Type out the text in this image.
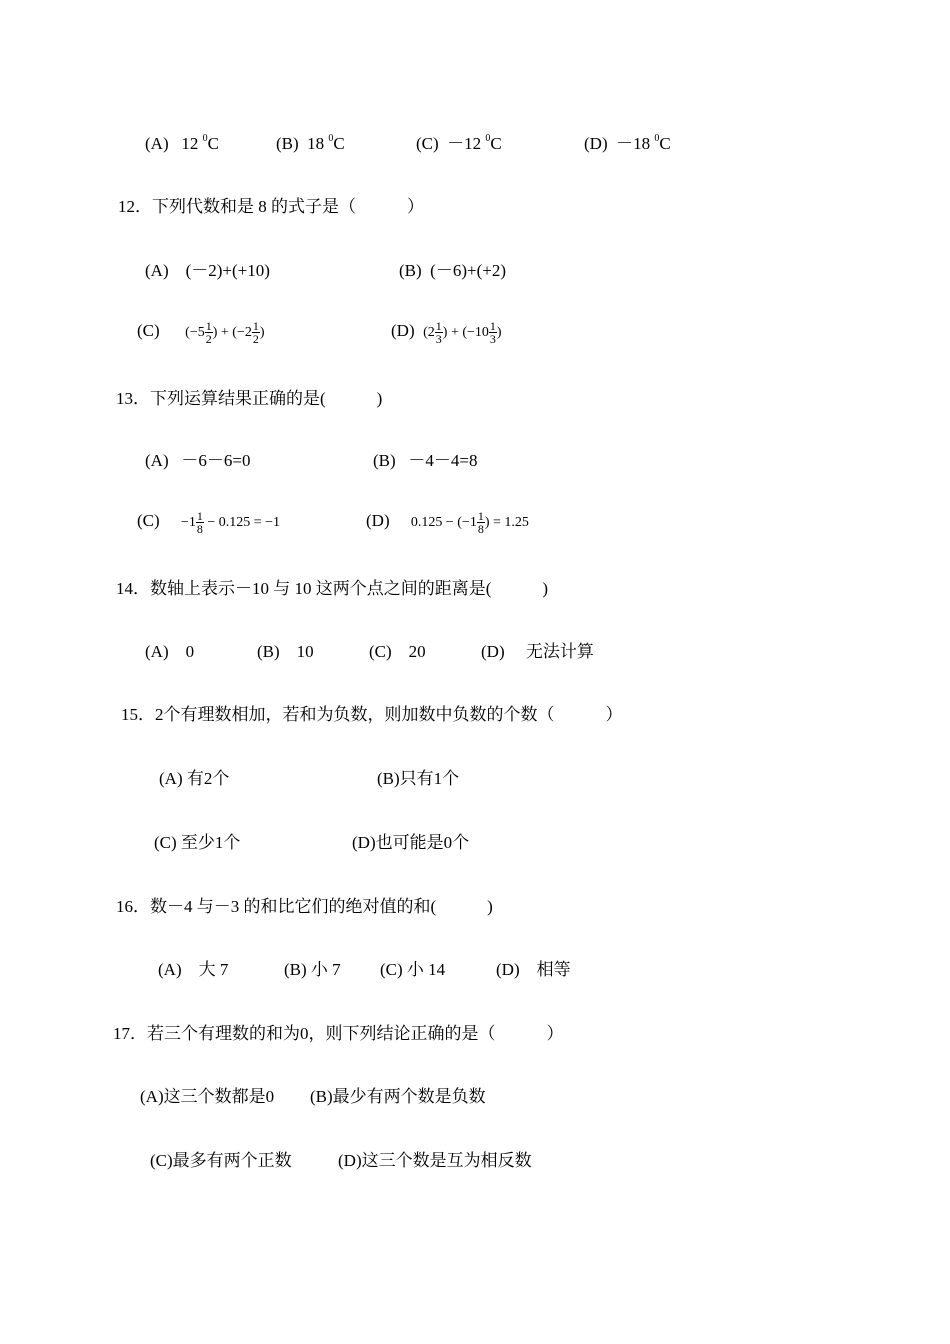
(A) 12 $^0$C	(B) 18 $^0$C	(C) －12 $^0$C	(D) －18 $^0$C
12．下列代数和是 8 的式子是（　　　）
(A) (－2)+(+10)	(B) (－6)+(+2)
(C) ($-5 \frac{1}{2}$ ) + ($-2 \frac{1}{2}$ )	(D) ($2 \frac{1}{3}$ ) + ($-10 \frac{1}{3}$ )
13．下列运算结果正确的是(　　　)
(A) －6－6=0	(B) －4－4=8
$(C) -1 \frac{1}{8} - 0.125 = -1$	(D) $0.125 - (-1 \frac{1}{8}$ ) = 1.25
14．数轴上表示－10 与 10 这两个点之间的距离是(　　　)
(A)　0	(B)　10	(C)　20	(D)　 无法计算
15．2个有理数相加，若和为负数，则加数中负数的个数（　　　）
(A) 有2个	(B)只有1个
(C) 至少1个	(D)也可能是0个
16．数－4 与－3 的和比它们的绝对值的和(　　　)
(A)　大 7	(B) 小 7 (C) 小 14	(D)　相等
17．若三个有理数的和为0，则下列结论正确的是（　　　）
(A)这三个数都是0 (B)最少有两个数是负数
(C)最多有两个正数	(D)这三个数是互为相反数
